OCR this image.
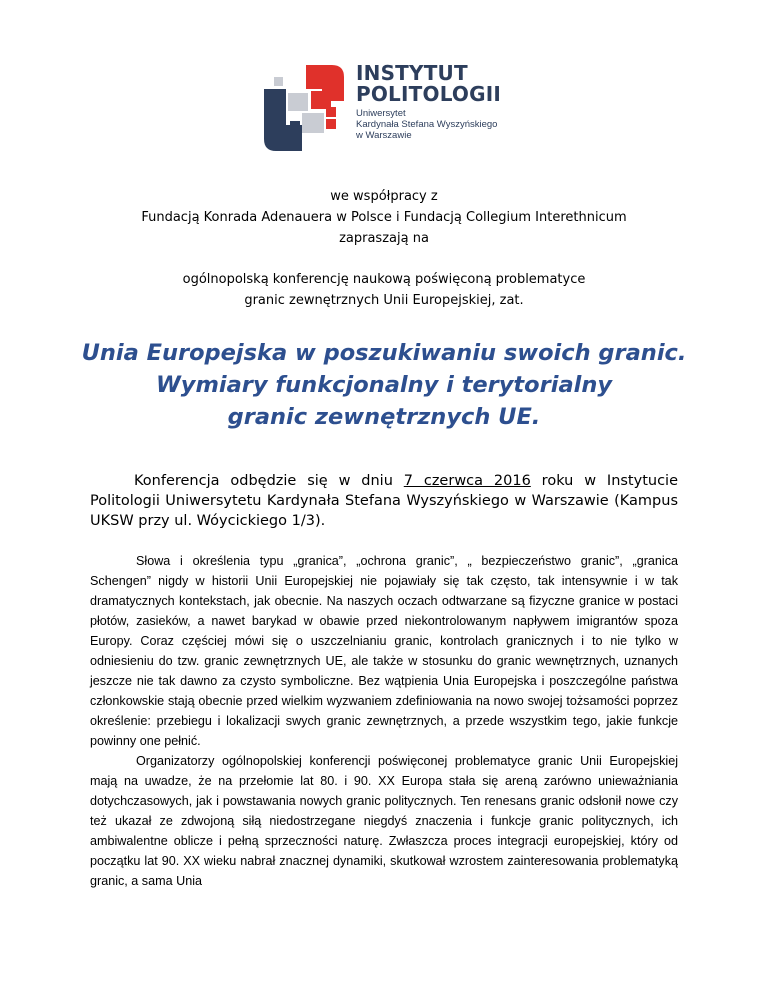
INSTYTUT
POLITOLOGII
Uniwersytet
Kardynała Stefana Wyszyńskiego
w Warszawie
we współpracy z
Fundacją Konrada Adenauera w Polsce i Fundacją Collegium Interethnicum
zapraszają na
ogólnopolską konferencję naukową poświęconą problematyce
granic zewnętrznych Unii Europejskiej, zat.
Unia Europejska w poszukiwaniu swoich granic.
Wymiary funkcjonalny i terytorialny
granic zewnętrznych UE.
Konferencja odbędzie się w dniu 7 czerwca 2016 roku w Instytucie Politologii Uniwersytetu Kardynała Stefana Wyszyńskiego w Warszawie (Kampus UKSW przy ul. Wóycickiego 1/3).

Słowa i określenia typu „granica”, „ochrona granic”, „ bezpieczeństwo granic”, „granica Schengen” nigdy w historii Unii Europejskiej nie pojawiały się tak często, tak intensywnie i w tak dramatycznych kontekstach, jak obecnie. Na naszych oczach odtwarzane są fizyczne granice w postaci płotów, zasieków, a nawet barykad w obawie przed niekontrolowanym napływem imigrantów spoza Europy. Coraz częściej mówi się o uszczelnianiu granic, kontrolach granicznych i to nie tylko w odniesieniu do tzw. granic zewnętrznych UE, ale także w stosunku do granic wewnętrznych, uznanych jeszcze nie tak dawno za czysto symboliczne. Bez wątpienia Unia Europejska i poszczególne państwa członkowskie stają obecnie przed wielkim wyzwaniem zdefiniowania na nowo swojej tożsamości poprzez określenie: przebiegu i lokalizacji swych granic zewnętrznych, a przede wszystkim tego, jakie funkcje powinny one pełnić.

Organizatorzy ogólnopolskiej konferencji poświęconej problematyce granic Unii Europejskiej mają na uwadze, że na przełomie lat 80. i 90. XX Europa stała się areną zarówno unieważniania dotychczasowych, jak i powstawania nowych granic politycznych. Ten renesans granic odsłonił nowe czy też ukazał ze zdwojoną siłą niedostrzegane niegdyś znaczenia i funkcje granic politycznych, ich ambiwalentne oblicze i pełną sprzeczności naturę. Zwłaszcza proces integracji europejskiej, który od początku lat 90. XX wieku nabrał znacznej dynamiki, skutkował wzrostem zainteresowania problematyką granic, a sama Unia
